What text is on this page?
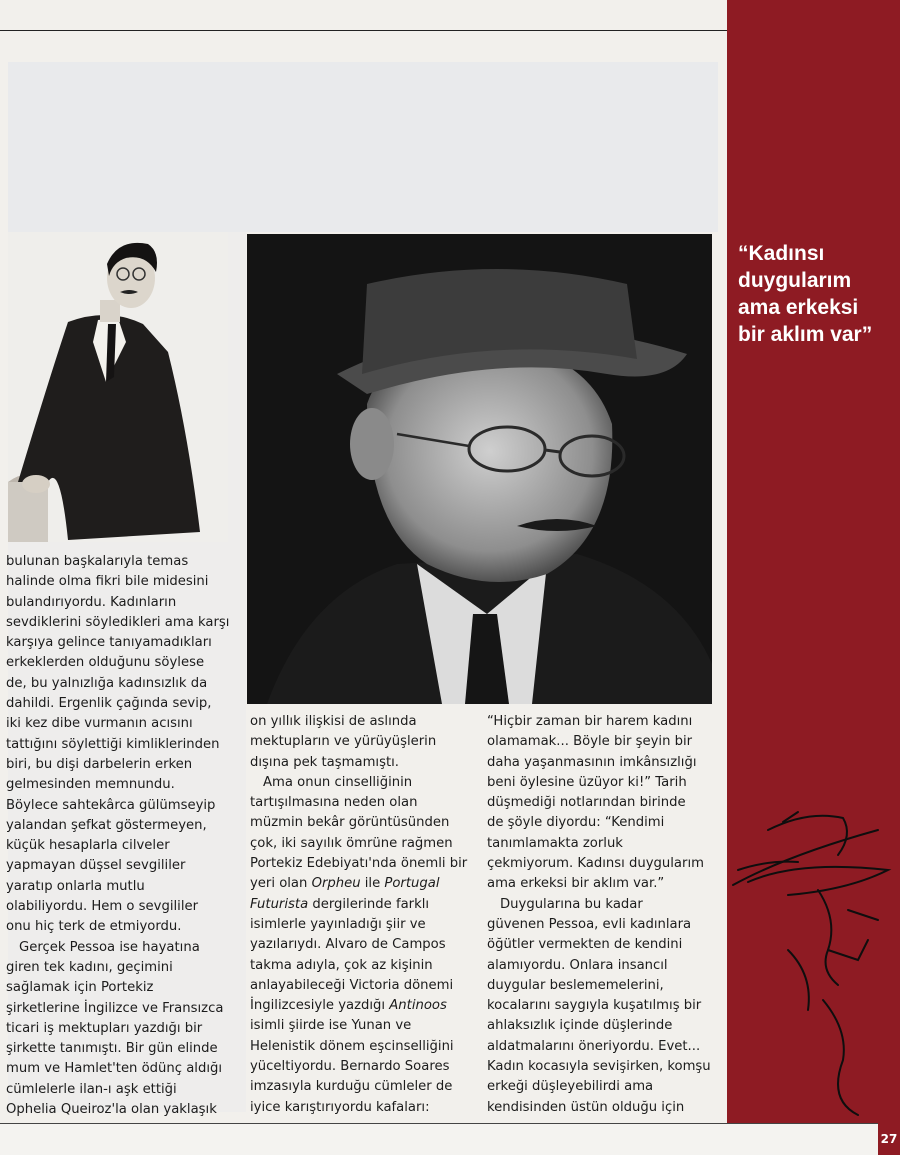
bulunan başkalarıyla temas
halinde olma fikri bile midesini
bulandırıyordu. Kadınların
sevdiklerini söyledikleri ama karşı
karşıya gelince tanıyamadıkları
erkeklerden olduğunu söylese
de, bu yalnızlığa kadınsızlık da
dahildi. Ergenlik çağında sevip,
iki kez dibe vurmanın acısını
tattığını söylettiği kimliklerinden
biri, bu dişi darbelerin erken
gelmesinden memnundu.
Böylece sahtekârca gülümseyip
yalandan şefkat göstermeyen,
küçük hesaplarla cilveler
yapmayan düşsel sevgililer
yaratıp onlarla mutlu
olabiliyordu. Hem o sevgililer
onu hiç terk de etmiyordu.
Gerçek Pessoa ise hayatına
giren tek kadını, geçimini
sağlamak için Portekiz
şirketlerine İngilizce ve Fransızca
ticari iş mektupları yazdığı bir
şirkette tanımıştı. Bir gün elinde
mum ve Hamlet'ten ödünç aldığı
cümlelerle ilan-ı aşk ettiği
Ophelia Queiroz'la olan yaklaşık
on yıllık ilişkisi de aslında
mektupların ve yürüyüşlerin
dışına pek taşmamıştı.
Ama onun cinselliğinin
tartışılmasına neden olan
müzmin bekâr görüntüsünden
çok, iki sayılık ömrüne rağmen
Portekiz Edebiyatı'nda önemli bir
yeri olan Orpheu ile Portugal
Futurista dergilerinde farklı
isimlerle yayınladığı şiir ve
yazılarıydı. Alvaro de Campos
takma adıyla, çok az kişinin
anlayabileceği Victoria dönemi
İngilizcesiyle yazdığı Antinoos
isimli şiirde ise Yunan ve
Helenistik dönem eşcinselliğini
yüceltiyordu. Bernardo Soares
imzasıyla kurduğu cümleler de
iyice karıştırıyordu kafaları:
“Hiçbir zaman bir harem kadını
olamamak... Böyle bir şeyin bir
daha yaşanmasının imkânsızlığı
beni öylesine üzüyor ki!” Tarih
düşmediği notlarından birinde
de şöyle diyordu: “Kendimi
tanımlamakta zorluk
çekmiyorum. Kadınsı duygularım
ama erkeksi bir aklım var.”
Duygularına bu kadar
güvenen Pessoa, evli kadınlara
öğütler vermekten de kendini
alamıyordu. Onlara insancıl
duygular beslememelerini,
kocalarını saygıyla kuşatılmış bir
ahlaksızlık içinde düşlerinde
aldatmalarını öneriyordu. Evet...
Kadın kocasıyla sevişirken, komşu
erkeği düşleyebilirdi ama
kendisinden üstün olduğu için
“Kadınsı
duygularım
ama erkeksi
bir aklım var”
27
